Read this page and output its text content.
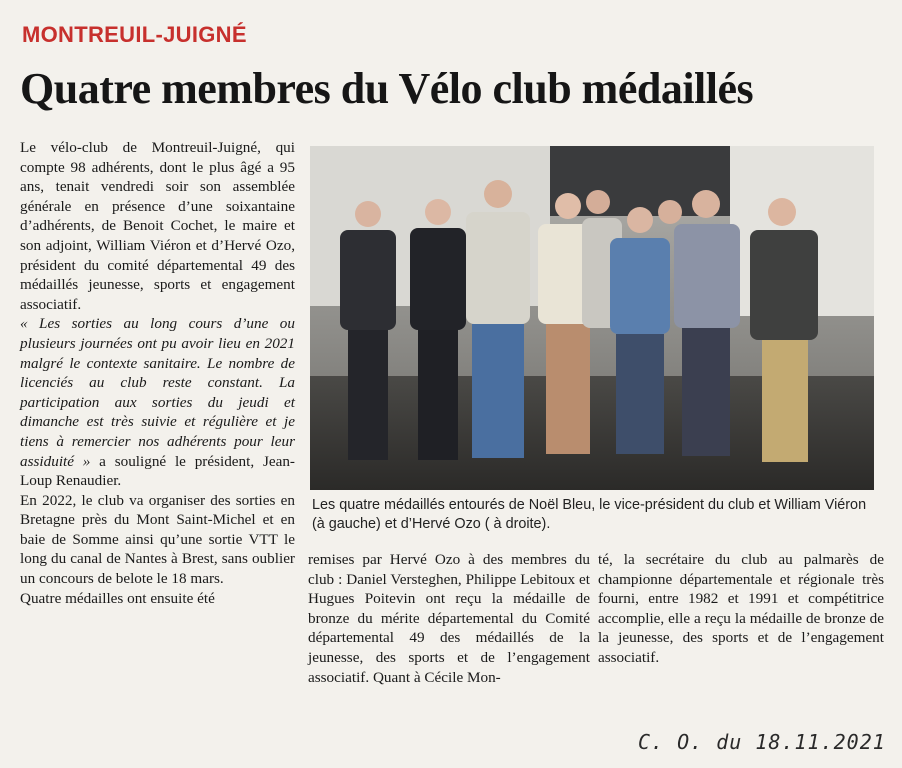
MONTREUIL-JUIGNÉ
Quatre membres du Vélo club médaillés

Le vélo-club de Montreuil-Juigné, qui compte 98 adhérents, dont le plus âgé a 95 ans, tenait vendredi soir son assemblée générale en présence d’une soixantaine d’adhérents, de Benoit Cochet, le maire et son adjoint, William Viéron et d’Hervé Ozo, président du comité départemental 49 des médaillés jeunesse, sports et engagement associatif.

« Les sorties au long cours d’une ou plusieurs journées ont pu avoir lieu en 2021 malgré le contexte sanitaire. Le nombre de licenciés au club reste constant. La participation aux sorties du jeudi et dimanche est très suivie et régulière et je tiens à remercier nos adhérents pour leur assiduité » a souligné le président, Jean-Loup Renaudier.

En 2022, le club va organiser des sorties en Bretagne près du Mont Saint-Michel et en baie de Somme ainsi qu’une sortie VTT le long du canal de Nantes à Brest, sans oublier un concours de belote le 18 mars.

Quatre médailles ont ensuite été

Les quatre médaillés entourés de Noël Bleu, le vice-président du club et William Viéron (à gauche) et d’Hervé Ozo ( à droite).

remises par Hervé Ozo à des membres du club : Daniel Versteghen, Philippe Lebitoux et Hugues Poitevin ont reçu la médaille de bronze du mérite départemental du Comité départemental 49 des médaillés de la jeunesse, des sports et de l’engagement associatif. Quant à Cécile Mon-

té, la secrétaire du club au palmarès de championne départementale et régionale très fourni, entre 1982 et 1991 et compétitrice accomplie, elle a reçu la médaille de bronze de la jeunesse, des sports et de l’engagement associatif.

C. O. du 18.11.2021
